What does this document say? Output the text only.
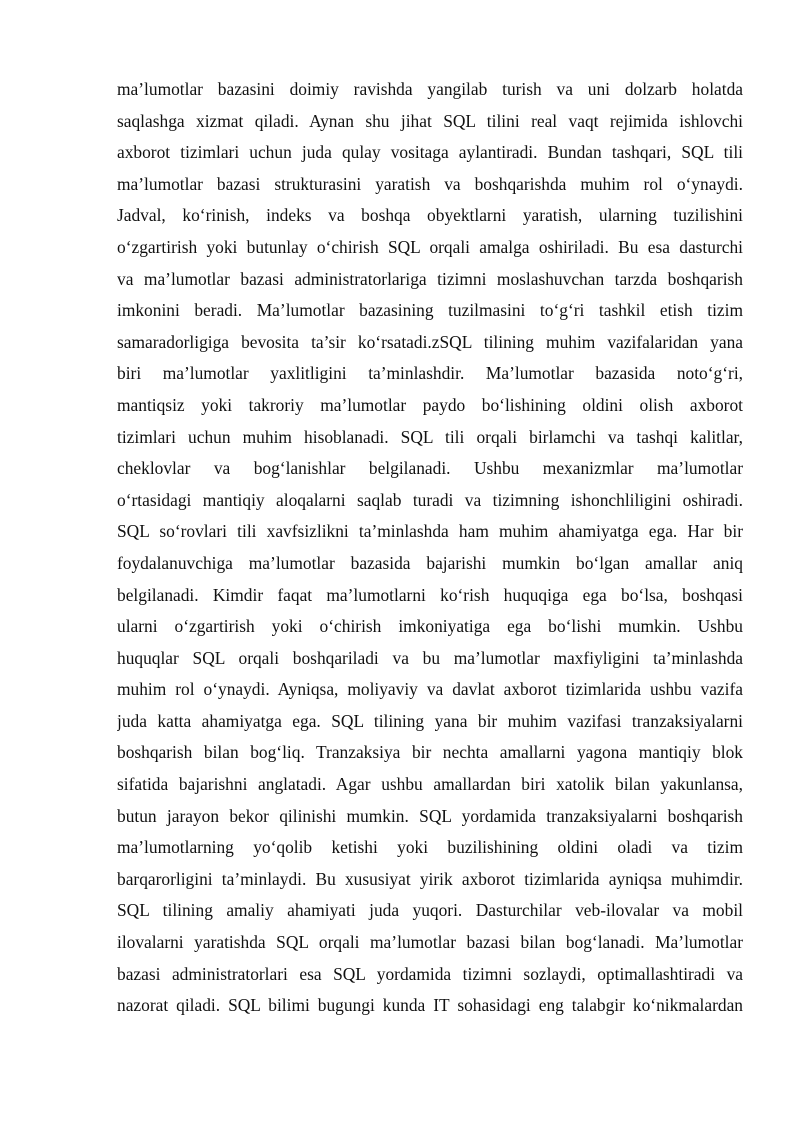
ma’lumotlar bazasini doimiy ravishda yangilab turish va uni dolzarb holatda
saqlashga xizmat qiladi. Aynan shu jihat SQL tilini real vaqt rejimida ishlovchi
axborot tizimlari uchun juda qulay vositaga aylantiradi. Bundan tashqari, SQL tili
ma’lumotlar bazasi strukturasini yaratish va boshqarishda muhim rol o‘ynaydi.
Jadval, ko‘rinish, indeks va boshqa obyektlarni yaratish, ularning tuzilishini
o‘zgartirish yoki butunlay o‘chirish SQL orqali amalga oshiriladi. Bu esa dasturchi
va ma’lumotlar bazasi administratorlariga tizimni moslashuvchan tarzda boshqarish
imkonini beradi. Ma’lumotlar bazasining tuzilmasini to‘g‘ri tashkil etish tizim
samaradorligiga bevosita ta’sir ko‘rsatadi.zSQL tilining muhim vazifalaridan yana
biri ma’lumotlar yaxlitligini ta’minlashdir. Ma’lumotlar bazasida noto‘g‘ri,
mantiqsiz yoki takroriy ma’lumotlar paydo bo‘lishining oldini olish axborot
tizimlari uchun muhim hisoblanadi. SQL tili orqali birlamchi va tashqi kalitlar,
cheklovlar va bog‘lanishlar belgilanadi. Ushbu mexanizmlar ma’lumotlar
o‘rtasidagi mantiqiy aloqalarni saqlab turadi va tizimning ishonchliligini oshiradi.
SQL so‘rovlari tili xavfsizlikni ta’minlashda ham muhim ahamiyatga ega. Har bir
foydalanuvchiga ma’lumotlar bazasida bajarishi mumkin bo‘lgan amallar aniq
belgilanadi. Kimdir faqat ma’lumotlarni ko‘rish huquqiga ega bo‘lsa, boshqasi
ularni o‘zgartirish yoki o‘chirish imkoniyatiga ega bo‘lishi mumkin. Ushbu
huquqlar SQL orqali boshqariladi va bu ma’lumotlar maxfiyligini ta’minlashda
muhim rol o‘ynaydi. Ayniqsa, moliyaviy va davlat axborot tizimlarida ushbu vazifa
juda katta ahamiyatga ega. SQL tilining yana bir muhim vazifasi tranzaksiyalarni
boshqarish bilan bog‘liq. Tranzaksiya bir nechta amallarni yagona mantiqiy blok
sifatida bajarishni anglatadi. Agar ushbu amallardan biri xatolik bilan yakunlansa,
butun jarayon bekor qilinishi mumkin. SQL yordamida tranzaksiyalarni boshqarish
ma’lumotlarning yo‘qolib ketishi yoki buzilishining oldini oladi va tizim
barqarorligini ta’minlaydi. Bu xususiyat yirik axborot tizimlarida ayniqsa muhimdir.
SQL tilining amaliy ahamiyati juda yuqori. Dasturchilar veb-ilovalar va mobil
ilovalarni yaratishda SQL orqali ma’lumotlar bazasi bilan bog‘lanadi. Ma’lumotlar
bazasi administratorlari esa SQL yordamida tizimni sozlaydi, optimallashtiradi va
nazorat qiladi. SQL bilimi bugungi kunda IT sohasidagi eng talabgir ko‘nikmalardan
